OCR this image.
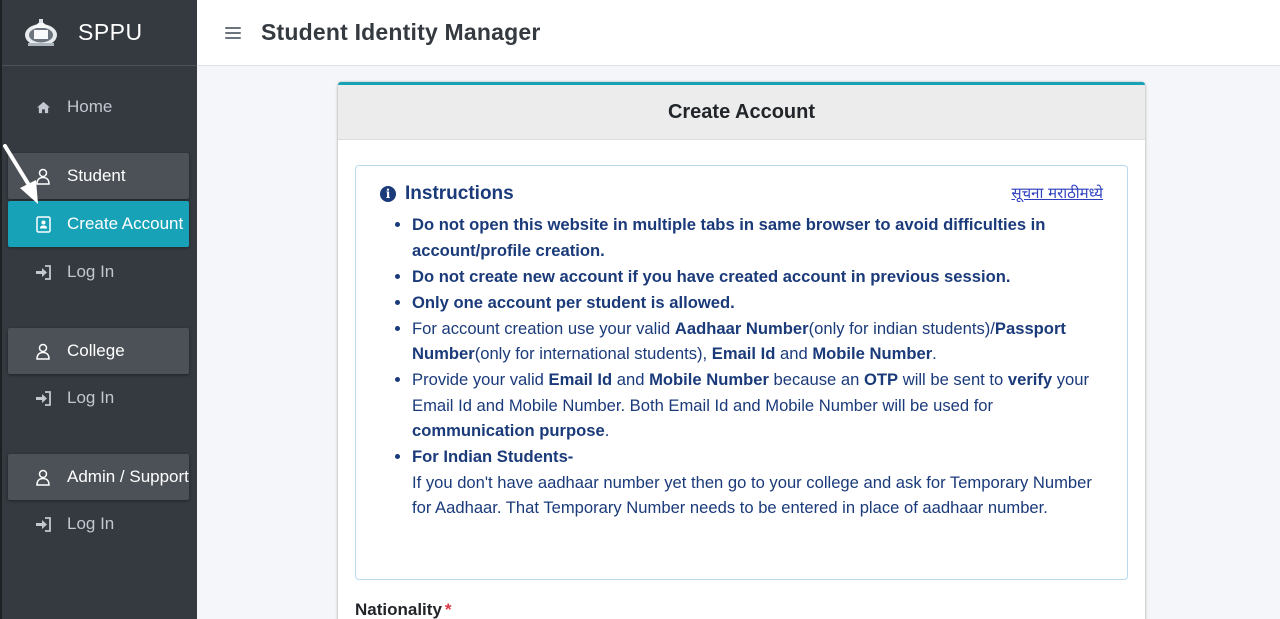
SPPU
Home
Student
Create Account
Log In
College
Log In
Admin / Support
Log In
Student Identity Manager
Create Account
i Instructions	सूचना मराठीमध्ये
• Do not open this website in multiple tabs in same browser to avoid difficulties in account/profile creation.
• Do not create new account if you have created account in previous session.
• Only one account per student is allowed.
• For account creation use your valid Aadhaar Number(only for indian students)/Passport Number(only for international students), Email Id and Mobile Number.
• Provide your valid Email Id and Mobile Number because an OTP will be sent to verify your Email Id and Mobile Number. Both Email Id and Mobile Number will be used for communication purpose.
• For Indian Students-
If you don't have aadhaar number yet then go to your college and ask for Temporary Number for Aadhaar. That Temporary Number needs to be entered in place of aadhaar number.
Nationality *
